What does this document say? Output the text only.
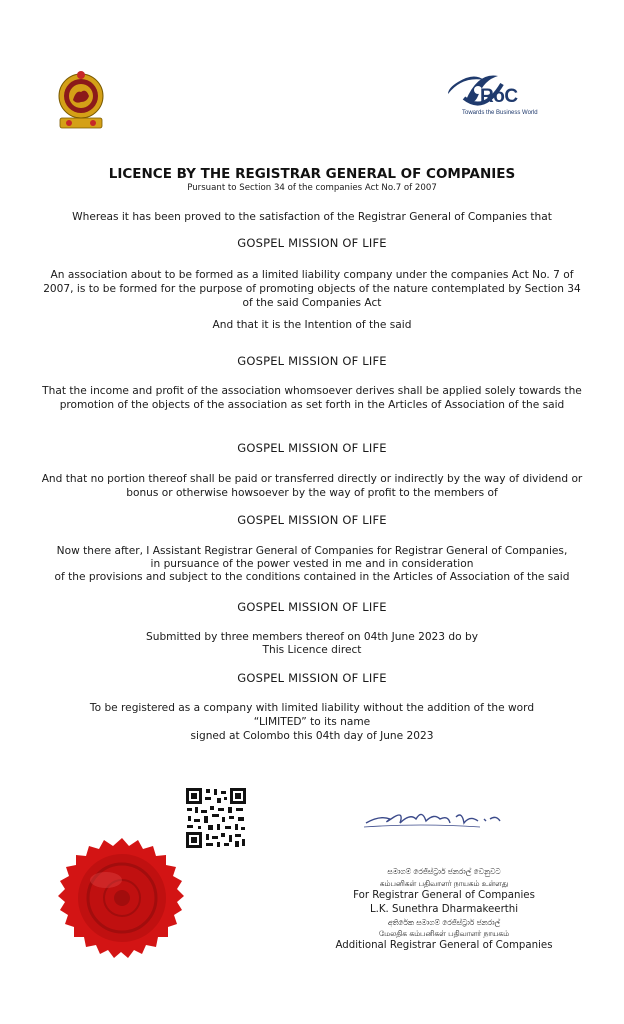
RoC
Towards the Business World
LICENCE BY THE REGISTRAR GENERAL OF COMPANIES
Pursuant to Section 34 of the companies Act No.7 of 2007
Whereas it has been proved to the satisfaction of the Registrar General of Companies that
GOSPEL MISSION OF LIFE
An association about to be formed as a limited liability company under the companies Act No. 7 of 2007, is to be formed for the purpose of promoting objects of the nature contemplated by Section 34 of the said Companies Act
And that it is the Intention of the said
GOSPEL MISSION OF LIFE
That the income and profit of the association whomsoever derives shall be applied solely towards the promotion of the objects of the association as set forth in the Articles of Association of the said
GOSPEL MISSION OF LIFE
And that no portion thereof shall be paid or transferred directly or indirectly by the way of dividend or bonus or otherwise howsoever by the way of profit to the members of
GOSPEL MISSION OF LIFE
Now there after, I Assistant Registrar General of Companies for Registrar General of Companies,
in pursuance of the power vested in me and in consideration
of the provisions and subject to the conditions contained in the Articles of Association of the said
GOSPEL MISSION OF LIFE
Submitted by three members thereof on 04th June 2023 do by
This Licence direct
GOSPEL MISSION OF LIFE
To be registered as a company with limited liability without the addition of the word
“LIMITED” to its name
signed at Colombo this 04th day of June 2023
සමාගම් රෙජිස්ට්‍රාර් ජනරාල් වෙනුවට
கம்பனிகள் பதிவாளர் நாயகம் உள்ளது
For Registrar General of Companies
L.K. Sunethra Dharmakeerthi
අතිරේක සමාගම් රෙජිස්ට්‍රාර් ජනරාල්
மேலதிக கம்பனிகள் பதிவாளர் நாயகம்
Additional Registrar General of Companies
